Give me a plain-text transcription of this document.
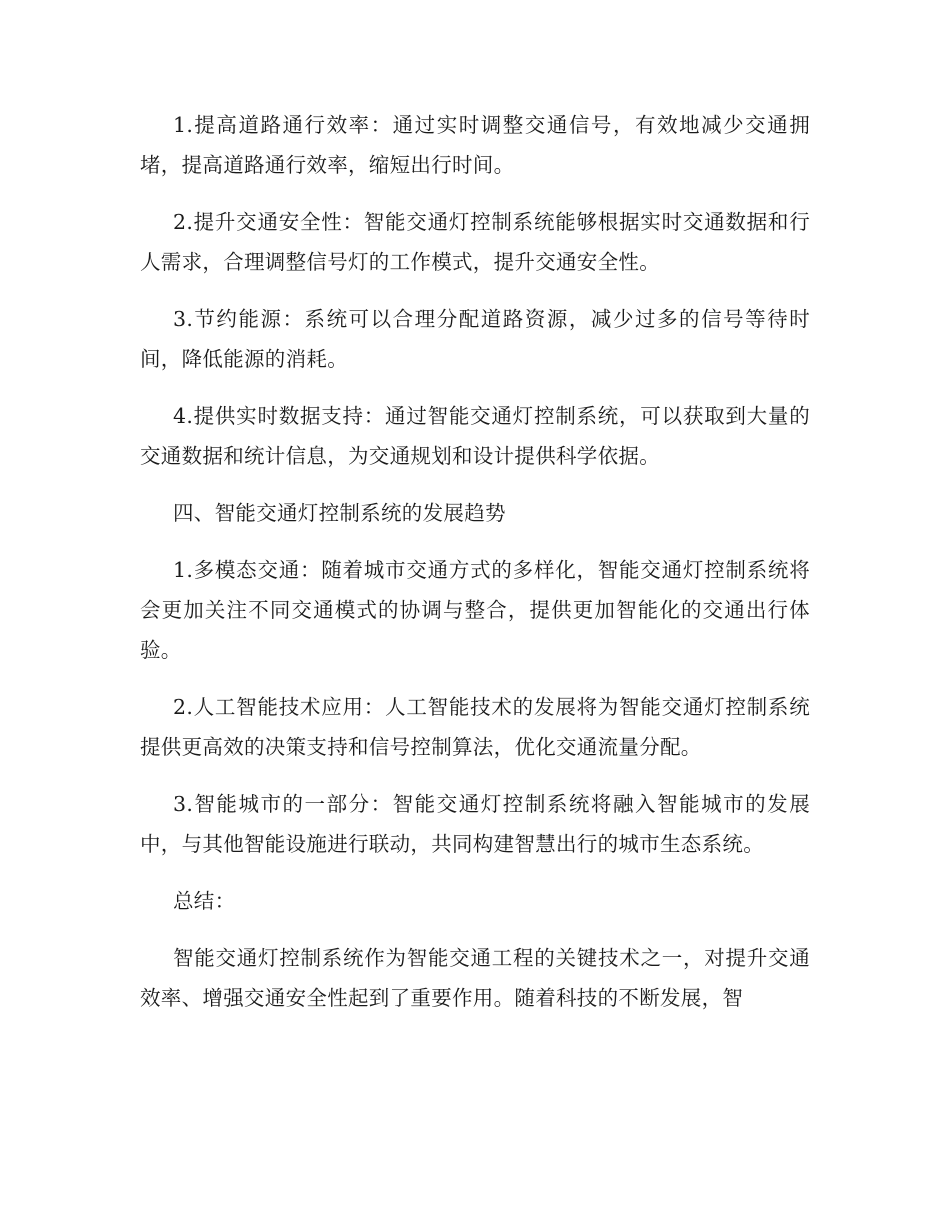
1.提高道路通行效率：通过实时调整交通信号，有效地减少交通拥堵，提高道路通行效率，缩短出行时间。

2.提升交通安全性：智能交通灯控制系统能够根据实时交通数据和行人需求，合理调整信号灯的工作模式，提升交通安全性。

3.节约能源：系统可以合理分配道路资源，减少过多的信号等待时间，降低能源的消耗。

4.提供实时数据支持：通过智能交通灯控制系统，可以获取到大量的交通数据和统计信息，为交通规划和设计提供科学依据。

四、智能交通灯控制系统的发展趋势

1.多模态交通：随着城市交通方式的多样化，智能交通灯控制系统将会更加关注不同交通模式的协调与整合，提供更加智能化的交通出行体验。

2.人工智能技术应用：人工智能技术的发展将为智能交通灯控制系统提供更高效的决策支持和信号控制算法，优化交通流量分配。

3.智能城市的一部分：智能交通灯控制系统将融入智能城市的发展中，与其他智能设施进行联动，共同构建智慧出行的城市生态系统。

总结：

智能交通灯控制系统作为智能交通工程的关键技术之一，对提升交通效率、增强交通安全性起到了重要作用。随着科技的不断发展，智
